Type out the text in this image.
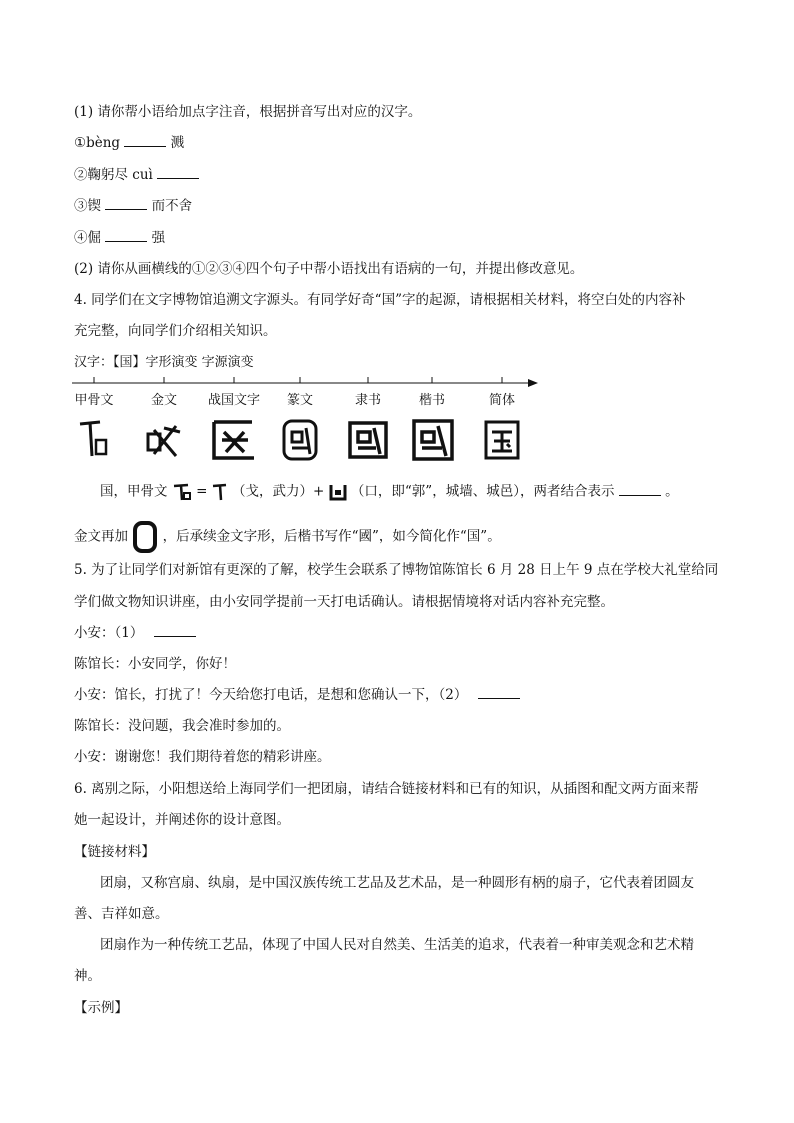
(1) 请你帮小语给加点字注音，根据拼音写出对应的汉字。
①bèng	溅
②鞠躬尽 cuì
③锲	而不舍
④倔	强
(2) 请你从画横线的①②③④四个句子中帮小语找出有语病的一句，并提出修改意见。
4. 同学们在文字博物馆追溯文字源头。有同学好奇“国”字的起源，请根据相关材料，将空白处的内容补
充完整，向同学们介绍相关知识。
汉字：【国】字形演变 字源演变
甲骨文	金文 战国文字 篆文	隶书	楷书	简体
国，甲骨文 = （戈，武力）+ （口，即“郭”，城墙、城邑），两者结合表示	。
金文再加	，后承续金文字形，后楷书写作“國”，如今简化作“国”。
5. 为了让同学们对新馆有更深的了解，校学生会联系了博物馆陈馆长 6 月 28 日上午 9 点在学校大礼堂给同
学们做文物知识讲座，由小安同学提前一天打电话确认。请根据情境将对话内容补充完整。
小安：（1）
陈馆长：小安同学，你好！
小安：馆长，打扰了！今天给您打电话，是想和您确认一下，（2）
陈馆长：没问题，我会准时参加的。
小安：谢谢您！我们期待着您的精彩讲座。
6. 离别之际，小阳想送给上海同学们一把团扇，请结合链接材料和已有的知识，从插图和配文两方面来帮
她一起设计，并阐述你的设计意图。
【链接材料】
团扇，又称宫扇、纨扇，是中国汉族传统工艺品及艺术品，是一种圆形有柄的扇子，它代表着团圆友
善、吉祥如意。
团扇作为一种传统工艺品，体现了中国人民对自然美、生活美的追求，代表着一种审美观念和艺术精
神。
【示例】
